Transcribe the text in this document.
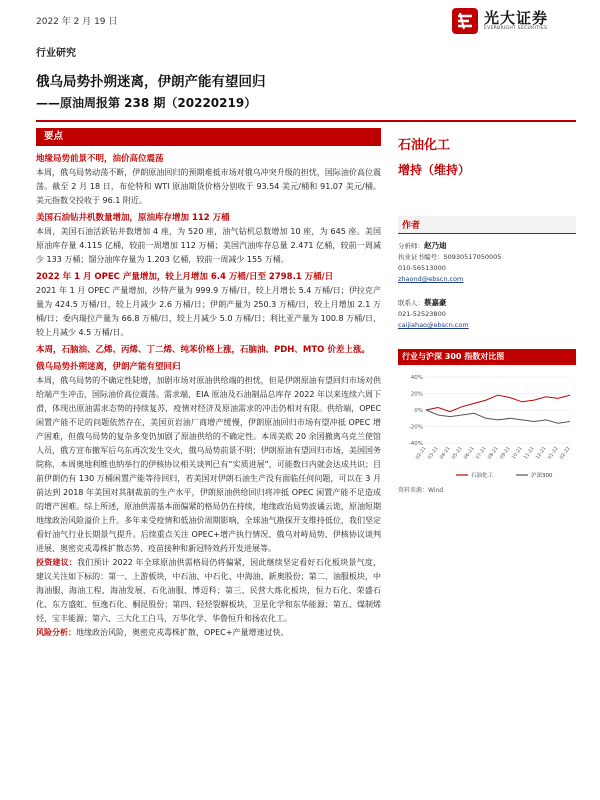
2022 年 2 月 19 日	光大证券
EVERBRIGHT SECURITIES
行业研究
俄乌局势扑朔迷离，伊朗产能有望回归
——原油周报第 238 期（20220219）
要点

地缘局势前景不明，油价高位震荡

本周，俄乌局势动荡不断，伊朗原油回归的预期难抵市场对俄乌冲突升级的担忧，国际油价高位震荡。截至 2 月 18 日，布伦特和 WTI 原油期货价格分别收于 93.54 美元/桶和 91.07 美元/桶。美元指数交投收于 96.1 附近。

美国石油钻井机数量增加，原油库存增加 112 万桶

本周，美国石油活跃钻井数增加 4 座，为 520 座，油气钻机总数增加 10 座，为 645 座。美国原油库存量 4.115 亿桶，较前一周增加 112 万桶；美国汽油库存总量 2.471 亿桶，较前一周减少 133 万桶；馏分油库存量为 1.203 亿桶，较前一周减少 155 万桶。

2022 年 1 月 OPEC 产量增加，较上月增加 6.4 万桶/日至 2798.1 万桶/日

2021 年 1 月 OPEC 产量增加，沙特产量为 999.9 万桶/日，较上月增长 5.4 万桶/日；伊拉克产量为 424.5 万桶/日，较上月减少 2.6 万桶/日；伊朗产量为 250.3 万桶/日，较上月增加 2.1 万桶/日；委内瑞拉产量为 66.8 万桶/日，较上月减少 5.0 万桶/日；利比亚产量为 100.8 万桶/日，较上月减少 4.5 万桶/日。

本周，石脑油、乙烯、丙烯、丁二烯、纯苯价格上涨，石脑油、PDH、MTO 价差上涨。

俄乌局势扑朔迷离，伊朗产能有望回归

本周，俄乌局势的不确定性陡增，加剧市场对原油供给端的担忧，但是伊朗原油有望回归市场对供给端产生冲击，国际油价高位震荡。需求端，EIA 原油及石油制品总库存 2022 年以来连续六周下滑，体现出原油需求态势的持续复苏，疫情对经济及原油需求的冲击仍相对有限。供给端，OPEC 闲置产能不足的问题依然存在，美国页岩油厂商增产缓慢，伊朗原油回归市场有望冲抵 OPEC 增产困难，但俄乌局势的复杂多变仍加剧了原油供给的不确定性。本周美欧 20 余国撤离乌克兰使馆人员，俄方宣布撤军后乌东再次发生交火，俄乌局势前景不明；伊朗原油有望回归市场，美国国务院称，本周奥地利维也纳举行的伊核协议相关谈判已有“实质进展”，可能数日内就会达成共识；目前伊朗仍有 130 万桶闲置产能等待回归，若美国对伊朗石油生产没有面临任何问题，可以在 3 月前达到 2018 年美国对其制裁前的生产水平，伊朗原油供给回归将冲抵 OPEC 闲置产能不足造成的增产困难。综上所述，原油供需基本面偏紧的格局仍在持续，地缘政治局势波谲云诡，原油短期地缘政治风险溢价上升。多年来受疫情和低油价周期影响，全球油气勘探开支维持低位，我们坚定看好油气行业长期景气提升。后续重点关注 OPEC+增产执行情况、俄乌对峙局势、伊核协议谈判进展、奥密克戎毒株扩散态势、疫苗接种和新冠特效药开发进展等。

投资建议：我们预计 2022 年全球原油供需格局仍将偏紧，因此继续坚定看好石化板块景气度，建议关注如下标的：第一、上游板块，中石油、中石化、中海油、新奥股份；第二、油服板块，中海油服、海油工程、海油发展、石化油服、博迈科；第三、民营大炼化板块，恒力石化、荣盛石化、东方盛虹、恒逸石化、桐昆股份；第四、轻烃裂解板块，卫星化学和东华能源；第五、煤制烯烃，宝丰能源；第六、三大化工白马，万华化学、华鲁恒升和扬农化工。

风险分析：地缘政治风险，奥密克戎毒株扩散，OPEC+产量增速过快。

石油化工
增持（维持）
作者
分析师：赵乃迪
执业证书编号：S0930517050005
010-56513000
zhaond@ebscn.com
联系人：蔡嘉豪
021-52523800
caijiahao@ebscn.com
行业与沪深 300 指数对比图
40%
20%
0%
-20%
-40%
02-21 03-21 04-21 05-21 06-21 07-21 08-21 09-21 10-21 11-21 12-21 01-22 02-22
石油化工	沪深300
资料来源：Wind
